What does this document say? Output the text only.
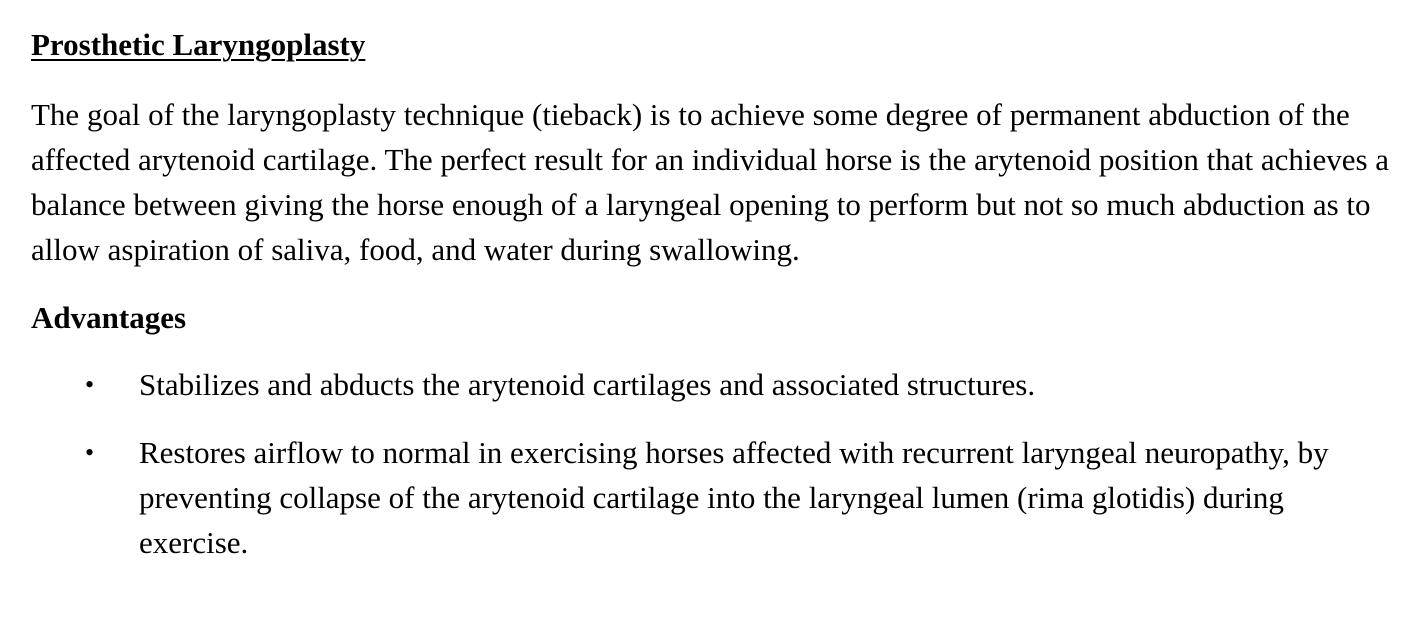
Prosthetic Laryngoplasty

The goal of the laryngoplasty technique (tieback) is to achieve some degree of permanent abduction of the affected arytenoid cartilage. The perfect result for an individual horse is the arytenoid position that achieves a balance between giving the horse enough of a laryngeal opening to perform but not so much abduction as to allow aspiration of saliva, food, and water during swallowing.

Advantages
• Stabilizes and abducts the arytenoid cartilages and associated structures.
• Restores airflow to normal in exercising horses affected with recurrent laryngeal neuropathy, by preventing collapse of the arytenoid cartilage into the laryngeal lumen (rima glotidis) during exercise.
